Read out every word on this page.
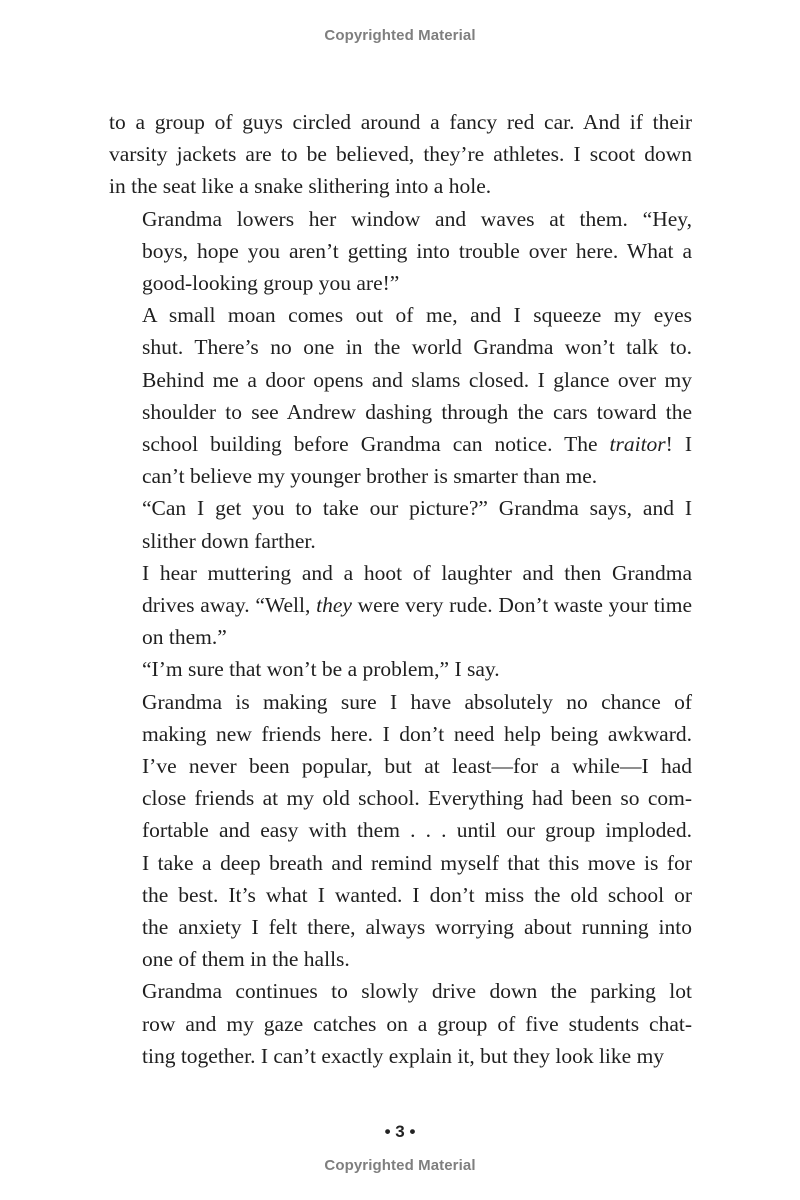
Copyrighted Material

to a group of guys circled around a fancy red car. And if their
varsity jackets are to be believed, they’re athletes. I scoot down
in the seat like a snake slithering into a hole.

Grandma lowers her window and waves at them. “Hey,
boys, hope you aren’t getting into trouble over here. What a
good-looking group you are!”

A small moan comes out of me, and I squeeze my eyes
shut. There’s no one in the world Grandma won’t talk to.
Behind me a door opens and slams closed. I glance over my
shoulder to see Andrew dashing through the cars toward the
school building before Grandma can notice. The traitor! I
can’t believe my younger brother is smarter than me.

“Can I get you to take our picture?” Grandma says, and I
slither down farther.

I hear muttering and a hoot of laughter and then Grandma
drives away. “Well, they were very rude. Don’t waste your time
on them.”

“I’m sure that won’t be a problem,” I say.

Grandma is making sure I have absolutely no chance of
making new friends here. I don’t need help being awkward.
I’ve never been popular, but at least—for a while—I had
close friends at my old school. Everything had been so com-
fortable and easy with them . . . until our group imploded.
I take a deep breath and remind myself that this move is for
the best. It’s what I wanted. I don’t miss the old school or
the anxiety I felt there, always worrying about running into
one of them in the halls.

Grandma continues to slowly drive down the parking lot
row and my gaze catches on a group of five students chat-
ting together. I can’t exactly explain it, but they look like my

• 3 •
Copyrighted Material
